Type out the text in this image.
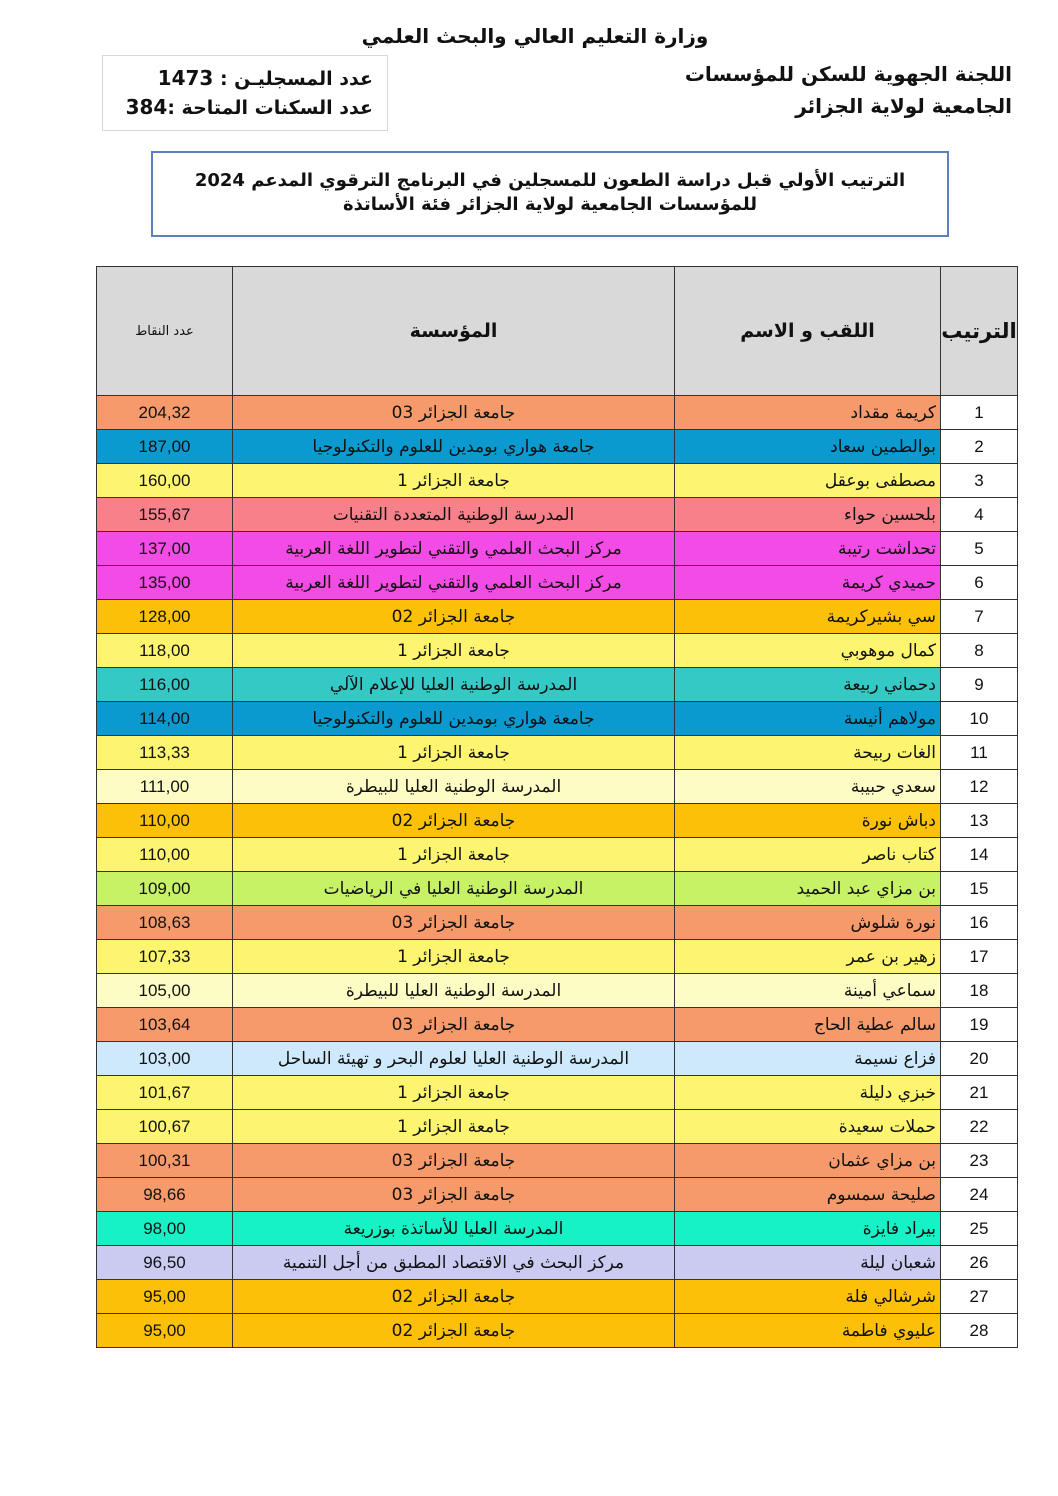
وزارة التعليم العالي والبحث العلمي
اللجنة الجهوية للسكن للمؤسسات
الجامعية لولاية الجزائر
عدد المسجليـن : 1473
عدد السكنات المتاحة :384
الترتيب الأولي قبل دراسة الطعون للمسجلين في البرنامج الترقوي المدعم 2024
للمؤسسات الجامعية لولاية الجزائر فئة الأساتذة
الترتيب	اللقب و الاسم	المؤسسة	عدد النقاط
1	كريمة مقداد	جامعة الجزائر 03	204,32
2	بوالطمين سعاد	جامعة هواري بومدين للعلوم والتكنولوجيا	187,00
3	مصطفى بوعقل	جامعة الجزائر 1	160,00
4	بلحسين حواء	المدرسة الوطنية المتعددة التقنيات	155,67
5	تحداشت رتيبة	مركز البحث العلمي والتقني لتطوير اللغة العربية	137,00
6	حميدي كريمة	مركز البحث العلمي والتقني لتطوير اللغة العربية	135,00
7	سي بشيركريمة	جامعة الجزائر 02	128,00
8	كمال موهوبي	جامعة الجزائر 1	118,00
9	دحماني ربيعة	المدرسة الوطنية العليا للإعلام الآلي	116,00
10	مولاهم أنيسة	جامعة هواري بومدين للعلوم والتكنولوجيا	114,00
11	الغات ربيحة	جامعة الجزائر 1	113,33
12	سعدي حبيبة	المدرسة الوطنية العليا للبيطرة	111,00
13	دباش نورة	جامعة الجزائر 02	110,00
14	كتاب ناصر	جامعة الجزائر 1	110,00
15	بن مزاي عبد الحميد	المدرسة الوطنية العليا في الرياضيات	109,00
16	نورة شلوش	جامعة الجزائر 03	108,63
17	زهير بن عمر	جامعة الجزائر 1	107,33
18	سماعي أمينة	المدرسة الوطنية العليا للبيطرة	105,00
19	سالم عطية الحاج	جامعة الجزائر 03	103,64
20	فزاع نسيمة	المدرسة الوطنية العليا لعلوم البحر و تهيئة الساحل	103,00
21	خبزي دليلة	جامعة الجزائر 1	101,67
22	حملات سعيدة	جامعة الجزائر 1	100,67
23	بن مزاي عثمان	جامعة الجزائر 03	100,31
24	صليحة سمسوم	جامعة الجزائر 03	98,66
25	بيراد فايزة	المدرسة العليا للأساتذة بوزريعة	98,00
26	شعبان ليلة	مركز البحث في الاقتصاد المطبق من أجل التنمية	96,50
27	شرشالي فلة	جامعة الجزائر 02	95,00
28	عليوي فاطمة	جامعة الجزائر 02	95,00
